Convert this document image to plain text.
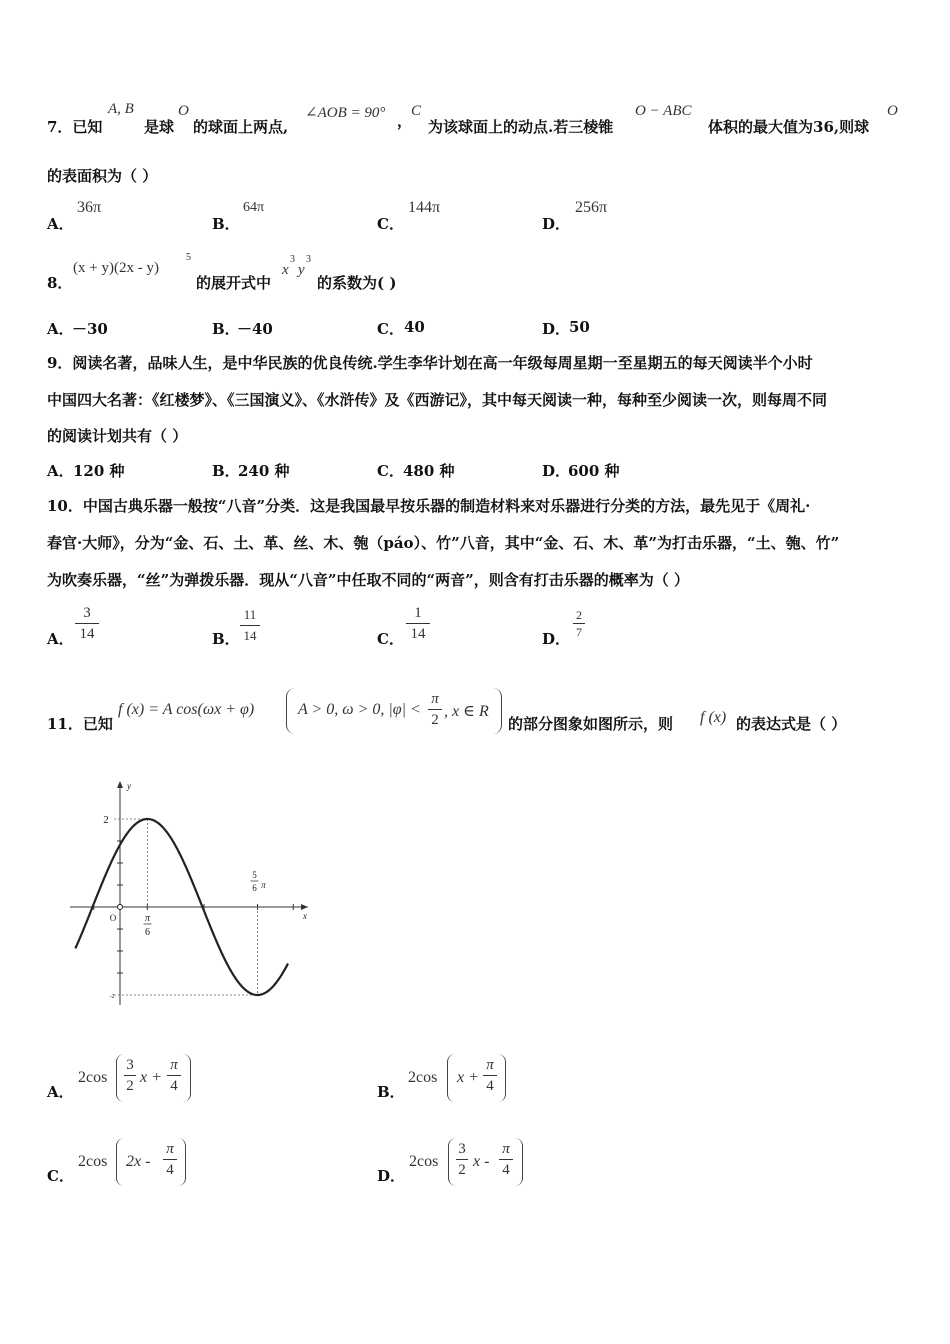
7．已知
A, B
是球
O
的球面上两点,
∠AOB = 90° ，
C
为该球面上的动点.若三棱锥
O − ABC
体积的最大值为36,则球
O
的表面积为（ ）
A．
36π
B．
64π
C．
144π
D．
256π
8．
(x + y)(2x - y)
5
的展开式中
x
3
y
3
的系数为( )
A．
－30	B．
－40	C． 40	D．
50
9．阅读名著，品味人生，是中华民族的优良传统.学生李华计划在高一年级每周星期一至星期五的每天阅读半个小时
中国四大名著：《红楼梦》、《三国演义》、《水浒传》及《西游记》，其中每天阅读一种，每种至少阅读一次，则每周不同
的阅读计划共有（ ）
A． 120 种	B．
240 种	C． 480 种	D．
600 种
10．中国古典乐器一般按“八音”分类．这是我国最早按乐器的制造材料来对乐器进行分类的方法，最先见于《周礼·
春官·大师》，分为“金、石、土、革、丝、木、匏（páo）、竹”八音，其中“金、石、木、革”为打击乐器，“土、匏、竹”
为吹奏乐器，“丝”为弹拨乐器．现从“八音”中任取不同的“两音”，则含有打击乐器的概率为（ ）
A．
3
14	B．
11
14	C．
1
14	D．
2
7
11．已知
f (x) = A cos(ωx + φ)	A > 0, ω > 0, |φ| <
π
2 , x ∈ R
的部分图象如图所示，则 f (x) 的表达式是（ ）
y
x
2
-2
O	π
6
5
6 π
A．
2cos
3
2 x +
π
4	B．
2cos x +
π
4
C．
2cos 2x -
π
4	D．
2cos
3
2 x -
π
4
